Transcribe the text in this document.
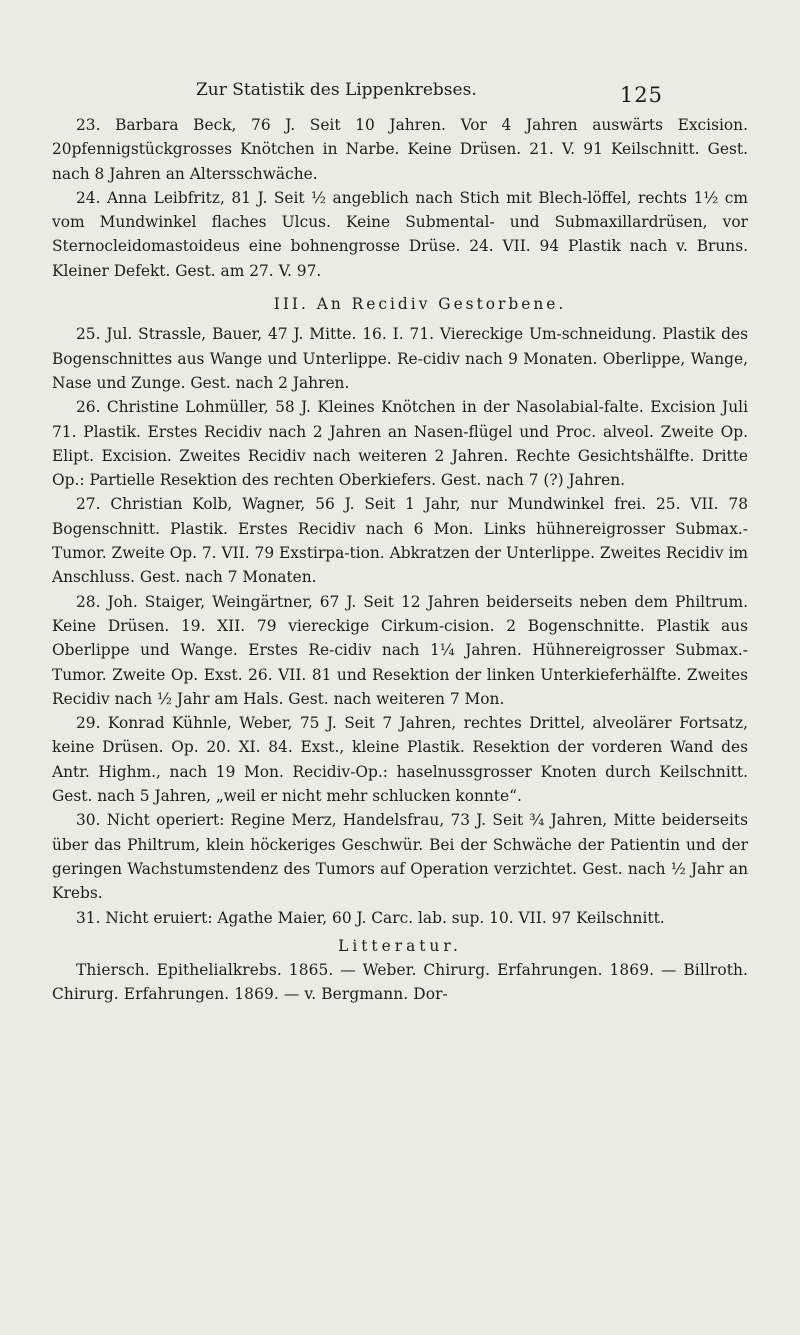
Zur Statistik des Lippenkrebses.	125

23. Barbara Beck, 76 J. Seit 10 Jahren. Vor 4 Jahren auswärts Excision. 20pfennigstückgrosses Knötchen in Narbe. Keine Drüsen. 21. V. 91 Keilschnitt. Gest. nach 8 Jahren an Altersschwäche.

24. Anna Leibfritz, 81 J. Seit ½ angeblich nach Stich mit Blech-löffel, rechts 1½ cm vom Mundwinkel flaches Ulcus. Keine Submental- und Submaxillardrüsen, vor Sternocleidomastoideus eine bohnengrosse Drüse. 24. VII. 94 Plastik nach v. Bruns. Kleiner Defekt. Gest. am 27. V. 97.

III. An Recidiv Gestorbene.

25. Jul. Strassle, Bauer, 47 J. Mitte. 16. I. 71. Viereckige Um-schneidung. Plastik des Bogenschnittes aus Wange und Unterlippe. Re-cidiv nach 9 Monaten. Oberlippe, Wange, Nase und Zunge. Gest. nach 2 Jahren.

26. Christine Lohmüller, 58 J. Kleines Knötchen in der Nasolabial-falte. Excision Juli 71. Plastik. Erstes Recidiv nach 2 Jahren an Nasen-flügel und Proc. alveol. Zweite Op. Elipt. Excision. Zweites Recidiv nach weiteren 2 Jahren. Rechte Gesichtshälfte. Dritte Op.: Partielle Resektion des rechten Oberkiefers. Gest. nach 7 (?) Jahren.

27. Christian Kolb, Wagner, 56 J. Seit 1 Jahr, nur Mundwinkel frei. 25. VII. 78 Bogenschnitt. Plastik. Erstes Recidiv nach 6 Mon. Links hühnereigrosser Submax.-Tumor. Zweite Op. 7. VII. 79 Exstirpa-tion. Abkratzen der Unterlippe. Zweites Recidiv im Anschluss. Gest. nach 7 Monaten.

28. Joh. Staiger, Weingärtner, 67 J. Seit 12 Jahren beiderseits neben dem Philtrum. Keine Drüsen. 19. XII. 79 viereckige Cirkum-cision. 2 Bogenschnitte. Plastik aus Oberlippe und Wange. Erstes Re-cidiv nach 1¼ Jahren. Hühnereigrosser Submax.-Tumor. Zweite Op. Exst. 26. VII. 81 und Resektion der linken Unterkieferhälfte. Zweites Recidiv nach ½ Jahr am Hals. Gest. nach weiteren 7 Mon.

29. Konrad Kühnle, Weber, 75 J. Seit 7 Jahren, rechtes Drittel, alveolärer Fortsatz, keine Drüsen. Op. 20. XI. 84. Exst., kleine Plastik. Resektion der vorderen Wand des Antr. Highm., nach 19 Mon. Recidiv-Op.: haselnussgrosser Knoten durch Keilschnitt. Gest. nach 5 Jahren, „weil er nicht mehr schlucken konnte“.

30. Nicht operiert: Regine Merz, Handelsfrau, 73 J. Seit ¾ Jahren, Mitte beiderseits über das Philtrum, klein höckeriges Geschwür. Bei der Schwäche der Patientin und der geringen Wachstumstendenz des Tumors auf Operation verzichtet. Gest. nach ½ Jahr an Krebs.

31. Nicht eruiert: Agathe Maier, 60 J. Carc. lab. sup. 10. VII. 97 Keilschnitt.

Litteratur.

Thiersch. Epithelialkrebs. 1865. — Weber. Chirurg. Erfahrungen. 1869. — Billroth. Chirurg. Erfahrungen. 1869. — v. Bergmann. Dor-
